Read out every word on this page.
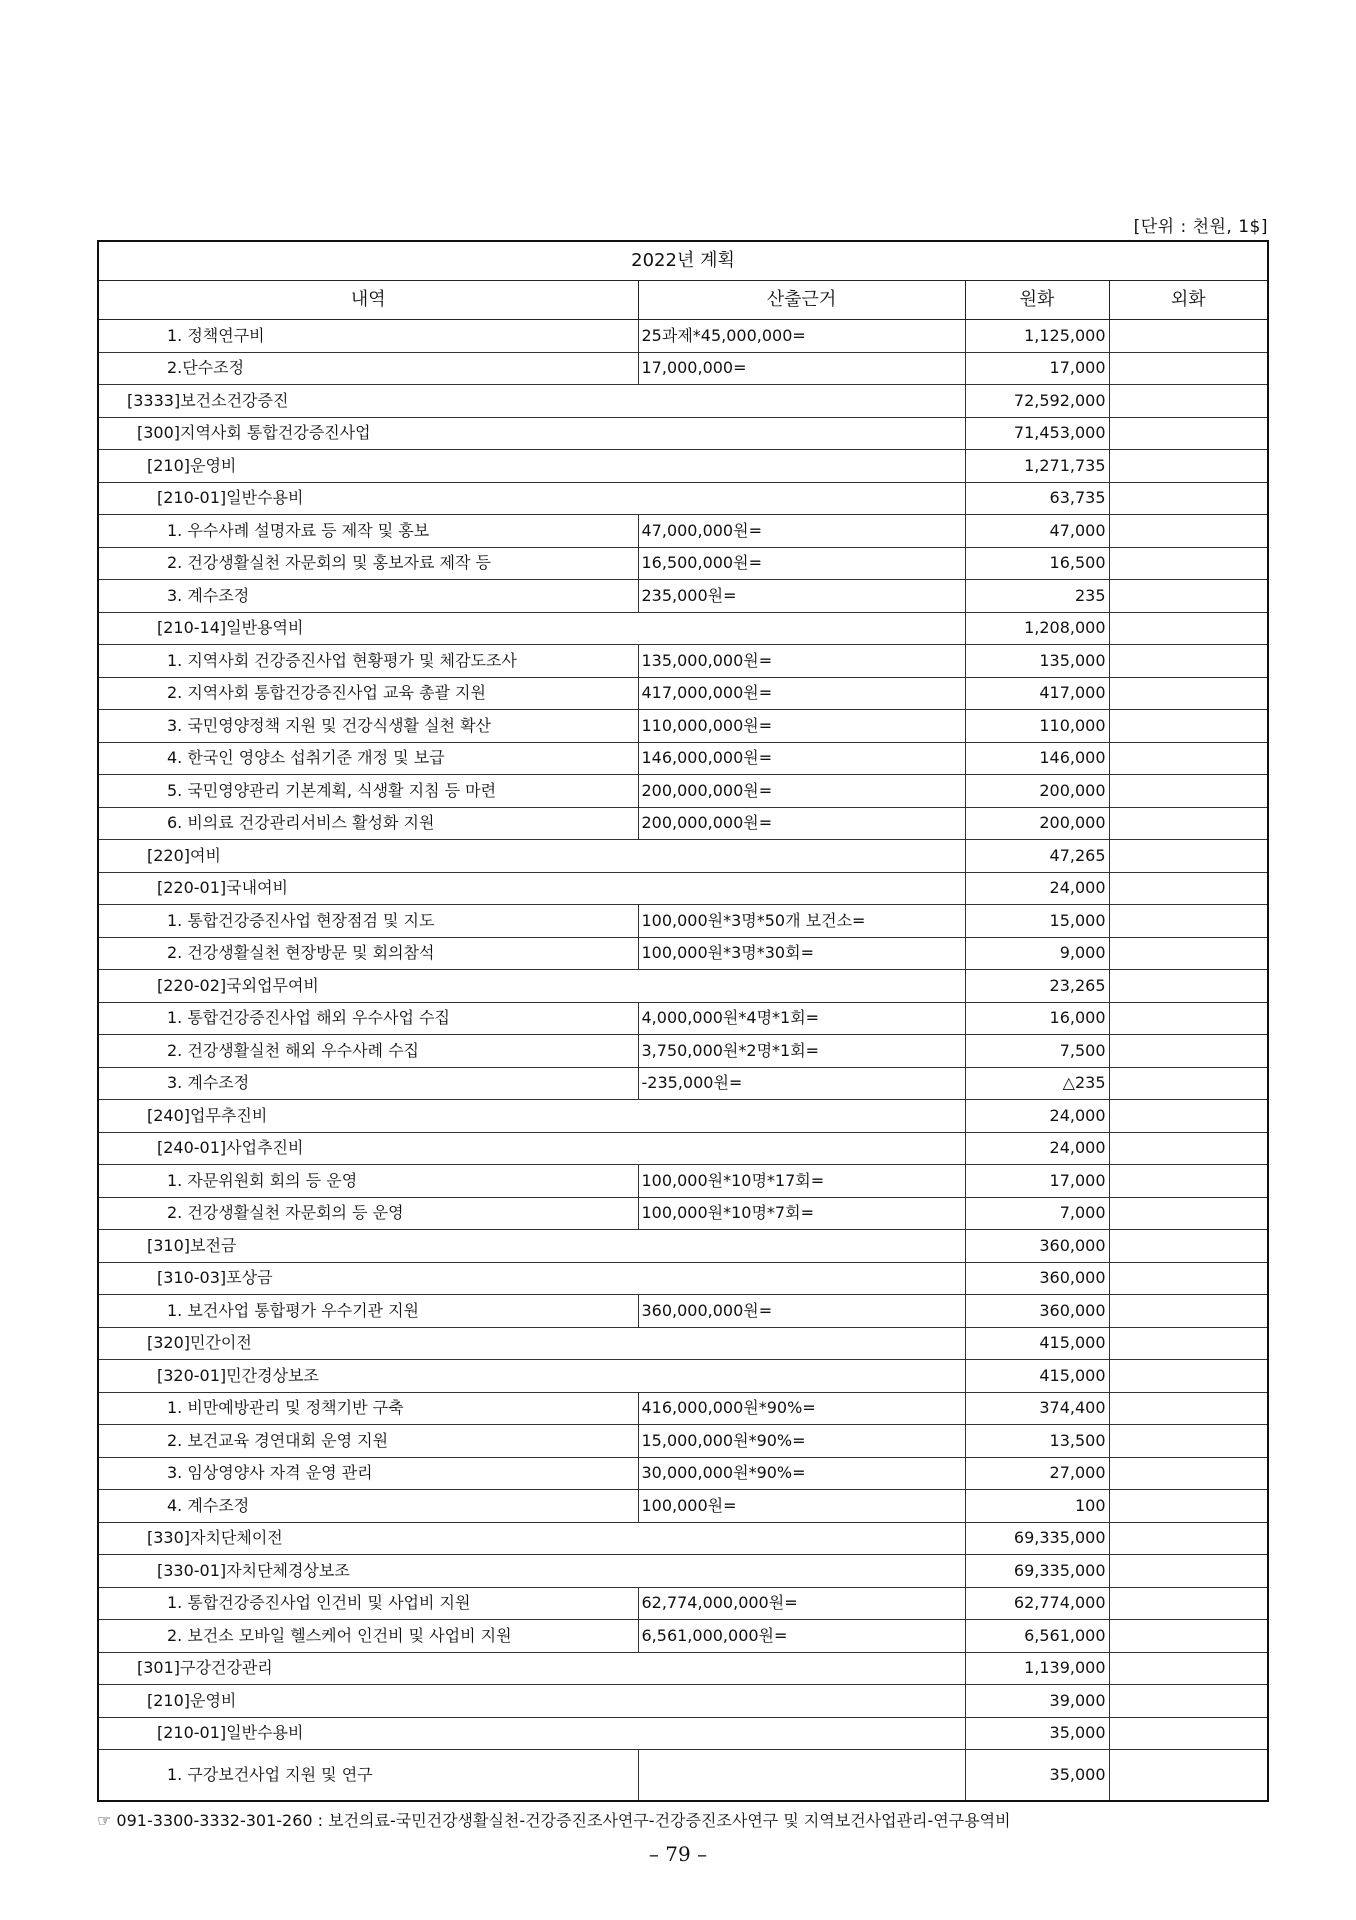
[단위 : 천원, 1$]
2022년 계획			
내역	산출근거	원화	외화
1. 정책연구비	25과제*45,000,000=	1,125,000	
2.단수조정	17,000,000=	17,000	
[3333]보건소건강증진		72,592,000	
[300]지역사회 통합건강증진사업		71,453,000	
[210]운영비		1,271,735	
[210-01]일반수용비		63,735	
1. 우수사례 설명자료 등 제작 및 홍보	47,000,000원=	47,000	
2. 건강생활실천 자문회의 및 홍보자료 제작 등	16,500,000원=	16,500	
3. 계수조정	235,000원=	235	
[210-14]일반용역비		1,208,000	
1. 지역사회 건강증진사업 현황평가 및 체감도조사	135,000,000원=	135,000	
2. 지역사회 통합건강증진사업 교육 총괄 지원	417,000,000원=	417,000	
3. 국민영양정책 지원 및 건강식생활 실천 확산	110,000,000원=	110,000	
4. 한국인 영양소 섭취기준 개정 및 보급	146,000,000원=	146,000	
5. 국민영양관리 기본계획, 식생활 지침 등 마련	200,000,000원=	200,000	
6. 비의료 건강관리서비스 활성화 지원	200,000,000원=	200,000	
[220]여비		47,265	
[220-01]국내여비		24,000	
1. 통합건강증진사업 현장점검 및 지도	100,000원*3명*50개 보건소=	15,000	
2. 건강생활실천 현장방문 및 회의참석	100,000원*3명*30회=	9,000	
[220-02]국외업무여비		23,265	
1. 통합건강증진사업 해외 우수사업 수집	4,000,000원*4명*1회=	16,000	
2. 건강생활실천 해외 우수사례 수집	3,750,000원*2명*1회=	7,500	
3. 계수조정	-235,000원=	△235	
[240]업무추진비		24,000	
[240-01]사업추진비		24,000	
1. 자문위원회 회의 등 운영	100,000원*10명*17회=	17,000	
2. 건강생활실천 자문회의 등 운영	100,000원*10명*7회=	7,000	
[310]보전금		360,000	
[310-03]포상금		360,000	
1. 보건사업 통합평가 우수기관 지원	360,000,000원=	360,000	
[320]민간이전		415,000	
[320-01]민간경상보조		415,000	
1. 비만예방관리 및 정책기반 구축	416,000,000원*90%=	374,400	
2. 보건교육 경연대회 운영 지원	15,000,000원*90%=	13,500	
3. 임상영양사 자격 운영 관리	30,000,000원*90%=	27,000	
4. 계수조정	100,000원=	100	
[330]자치단체이전		69,335,000	
[330-01]자치단체경상보조		69,335,000	
1. 통합건강증진사업 인건비 및 사업비 지원	62,774,000,000원=	62,774,000	
2. 보건소 모바일 헬스케어 인건비 및 사업비 지원	6,561,000,000원=	6,561,000	
[301]구강건강관리		1,139,000	
[210]운영비		39,000	
[210-01]일반수용비		35,000	
1. 구강보건사업 지원 및 연구		35,000	
☞ 091-3300-3332-301-260 : 보건의료-국민건강생활실천-건강증진조사연구-건강증진조사연구 및 지역보건사업관리-연구용역비
– 79 –
